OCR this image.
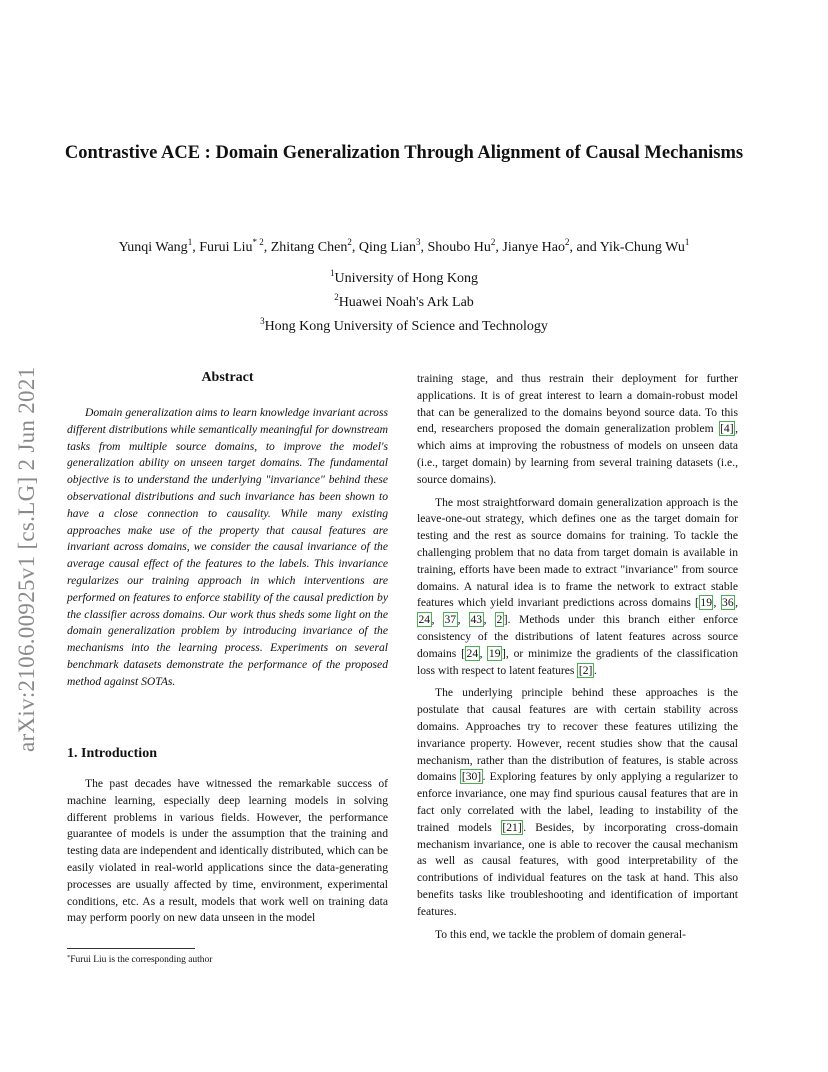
arXiv:2106.00925v1 [cs.LG] 2 Jun 2021
Contrastive ACE : Domain Generalization Through Alignment of Causal Mechanisms
Yunqi Wang$^1$, Furui Liu$^{* 2}$, Zhitang Chen$^2$, Qing Lian$^3$, Shoubo Hu$^2$, Jianye Hao$^2$, and Yik-Chung Wu$^1$
$^1$University of Hong Kong
$^2$Huawei Noah's Ark Lab
$^3$Hong Kong University of Science and Technology
Abstract
Domain generalization aims to learn knowledge invariant across different distributions while semantically meaningful for downstream tasks from multiple source domains, to improve the model's generalization ability on unseen target domains. The fundamental objective is to understand the underlying "invariance" behind these observational distributions and such invariance has been shown to have a close connection to causality. While many existing approaches make use of the property that causal features are invariant across domains, we consider the causal invariance of the average causal effect of the features to the labels. This invariance regularizes our training approach in which interventions are performed on features to enforce stability of the causal prediction by the classifier across domains. Our work thus sheds some light on the domain generalization problem by introducing invariance of the mechanisms into the learning process. Experiments on several benchmark datasets demonstrate the performance of the proposed method against SOTAs.
1. Introduction
The past decades have witnessed the remarkable success of machine learning, especially deep learning models in solving different problems in various fields. However, the performance guarantee of models is under the assumption that the training and testing data are independent and identically distributed, which can be easily violated in real-world applications since the data-generating processes are usually affected by time, environment, experimental conditions, etc. As a result, models that work well on training data may perform poorly on new data unseen in the model
*Furui Liu is the corresponding author

training stage, and thus restrain their deployment for further applications. It is of great interest to learn a domain-robust model that can be generalized to the domains beyond source data. To this end, researchers proposed the domain generalization problem [4] , which aims at improving the robustness of models on unseen data (i.e., target domain) by learning from several training datasets (i.e., source domains).

The most straightforward domain generalization approach is the leave-one-out strategy, which defines one as the target domain for testing and the rest as source domains for training. To tackle the challenging problem that no data from target domain is available in training, efforts have been made to extract "invariance" from source domains. A natural idea is to frame the network to extract stable features which yield invariant predictions across domains [ 19 , 36 , 24 , 37 , 43 , 2 ]. Methods under this branch either enforce consistency of the distributions of latent features across source domains [ 24 , 19 ], or minimize the gradients of the classification loss with respect to latent features [2] .

The underlying principle behind these approaches is the postulate that causal features are with certain stability across domains. Approaches try to recover these features utilizing the invariance property. However, recent studies show that the causal mechanism, rather than the distribution of features, is stable across domains [30] . Exploring features by only applying a regularizer to enforce invariance, one may find spurious causal features that are in fact only correlated with the label, leading to instability of the trained models [21] . Besides, by incorporating cross-domain mechanism invariance, one is able to recover the causal mechanism as well as causal features, with good interpretability of the contributions of individual features on the task at hand. This also benefits tasks like troubleshooting and identification of important features.

To this end, we tackle the problem of domain general-
